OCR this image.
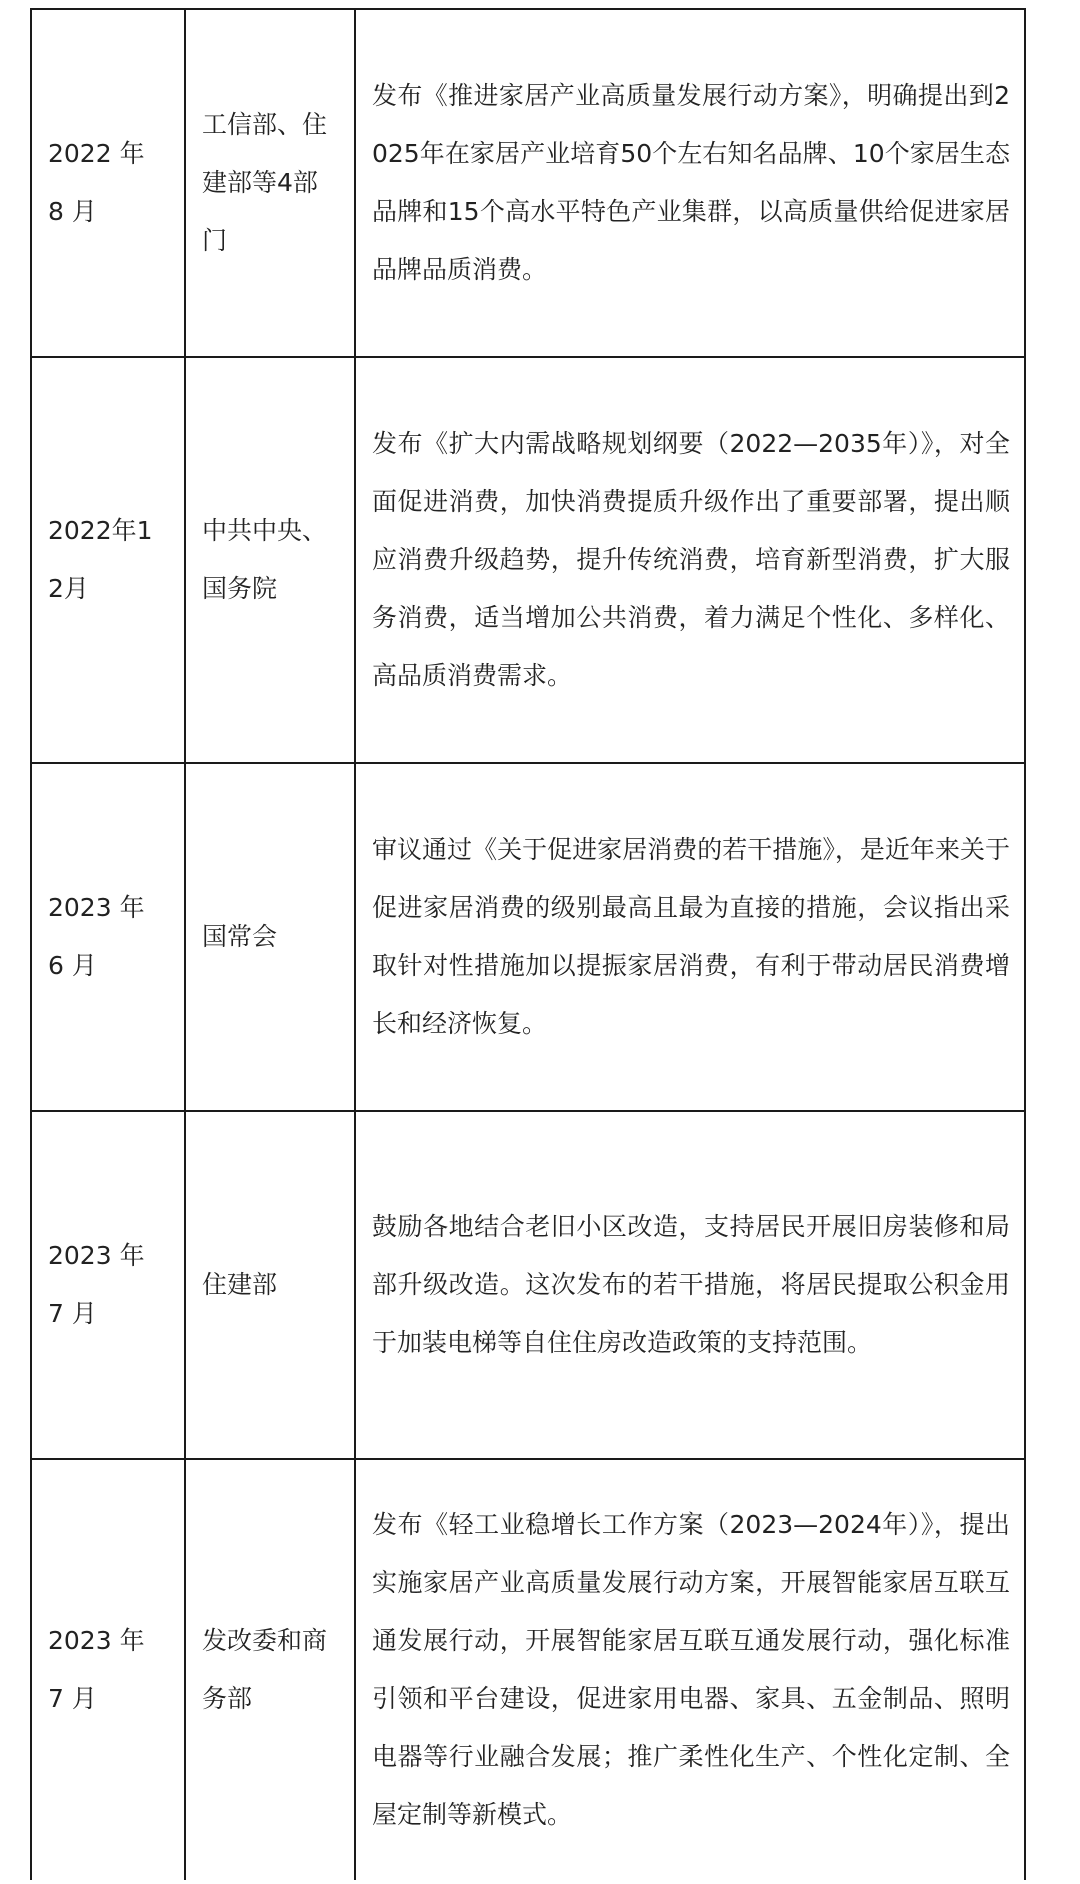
2022 年 8 月	工信部、住建部等4部门	发布《推进家居产业高质量发展行动方案》，明确提出到2025年在家居产业培育50个左右知名品牌、10个家居生态品牌和15个高水平特色产业集群，以高质量供给促进家居品牌品质消费。
2022年12月	中共中央、国务院	发布《扩大内需战略规划纲要（2022—2035年）》，对全面促进消费，加快消费提质升级作出了重要部署，提出顺应消费升级趋势，提升传统消费，培育新型消费，扩大服务消费，适当增加公共消费，着力满足个性化、多样化、高品质消费需求。
2023 年 6 月	国常会	审议通过《关于促进家居消费的若干措施》，是近年来关于促进家居消费的级别最高且最为直接的措施，会议指出采取针对性措施加以提振家居消费，有利于带动居民消费增长和经济恢复。
2023 年 7 月	住建部	鼓励各地结合老旧小区改造，支持居民开展旧房装修和局部升级改造。这次发布的若干措施，将居民提取公积金用于加装电梯等自住住房改造政策的支持范围。
2023 年 7 月	发改委和商务部	发布《轻工业稳增长工作方案（2023—2024年）》，提出实施家居产业高质量发展行动方案，开展智能家居互联互通发展行动，开展智能家居互联互通发展行动，强化标准引领和平台建设，促进家用电器、家具、五金制品、照明电器等行业融合发展；推广柔性化生产、个性化定制、全屋定制等新模式。
